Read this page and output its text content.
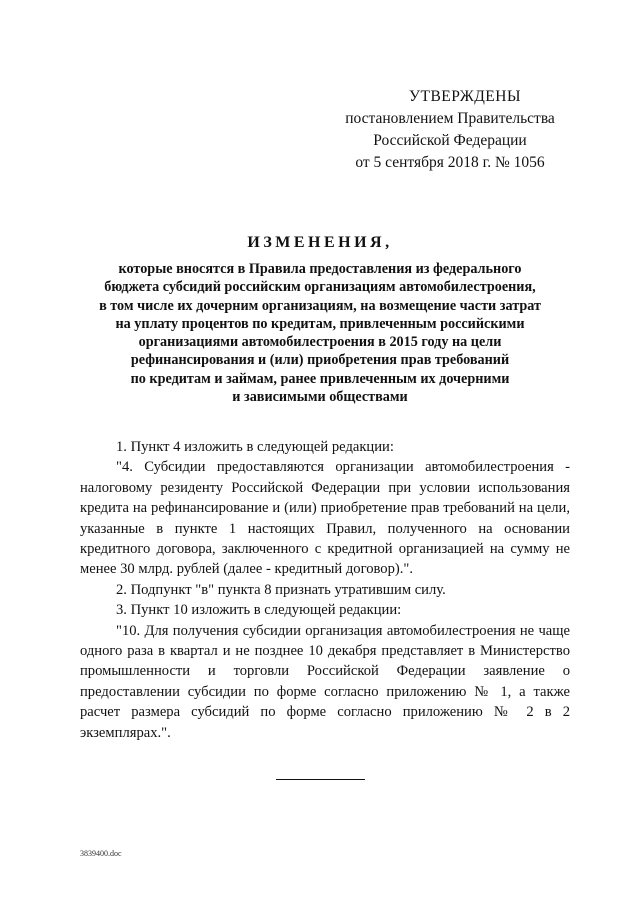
УТВЕРЖДЕНЫ
постановлением Правительства
Российской Федерации
от 5 сентября 2018 г. № 1056
ИЗМЕНЕНИЯ,
которые вносятся в Правила предоставления из федерального
бюджета субсидий российским организациям автомобилестроения,
в том числе их дочерним организациям, на возмещение части затрат
на уплату процентов по кредитам, привлеченным российскими
организациями автомобилестроения в 2015 году на цели
рефинансирования и (или) приобретения прав требований
по кредитам и займам, ранее привлеченным их дочерними
и зависимыми обществами

1. Пункт 4 изложить в следующей редакции:

"4. Субсидии предоставляются организации автомобилестроения - налоговому резиденту Российской Федерации при условии использования кредита на рефинансирование и (или) приобретение прав требований на цели, указанные в пункте 1 настоящих Правил, полученного на основании кредитного договора, заключенного с кредитной организацией на сумму не менее 30 млрд. рублей (далее - кредитный договор).".

2. Подпункт "в" пункта 8 признать утратившим силу.

3. Пункт 10 изложить в следующей редакции:

"10. Для получения субсидии организация автомобилестроения не чаще одного раза в квартал и не позднее 10 декабря представляет в Министерство промышленности и торговли Российской Федерации заявление о предоставлении субсидии по форме согласно приложению № 1, а также расчет размера субсидий по форме согласно приложению № 2 в 2 экземплярах.".

3839400.doc
